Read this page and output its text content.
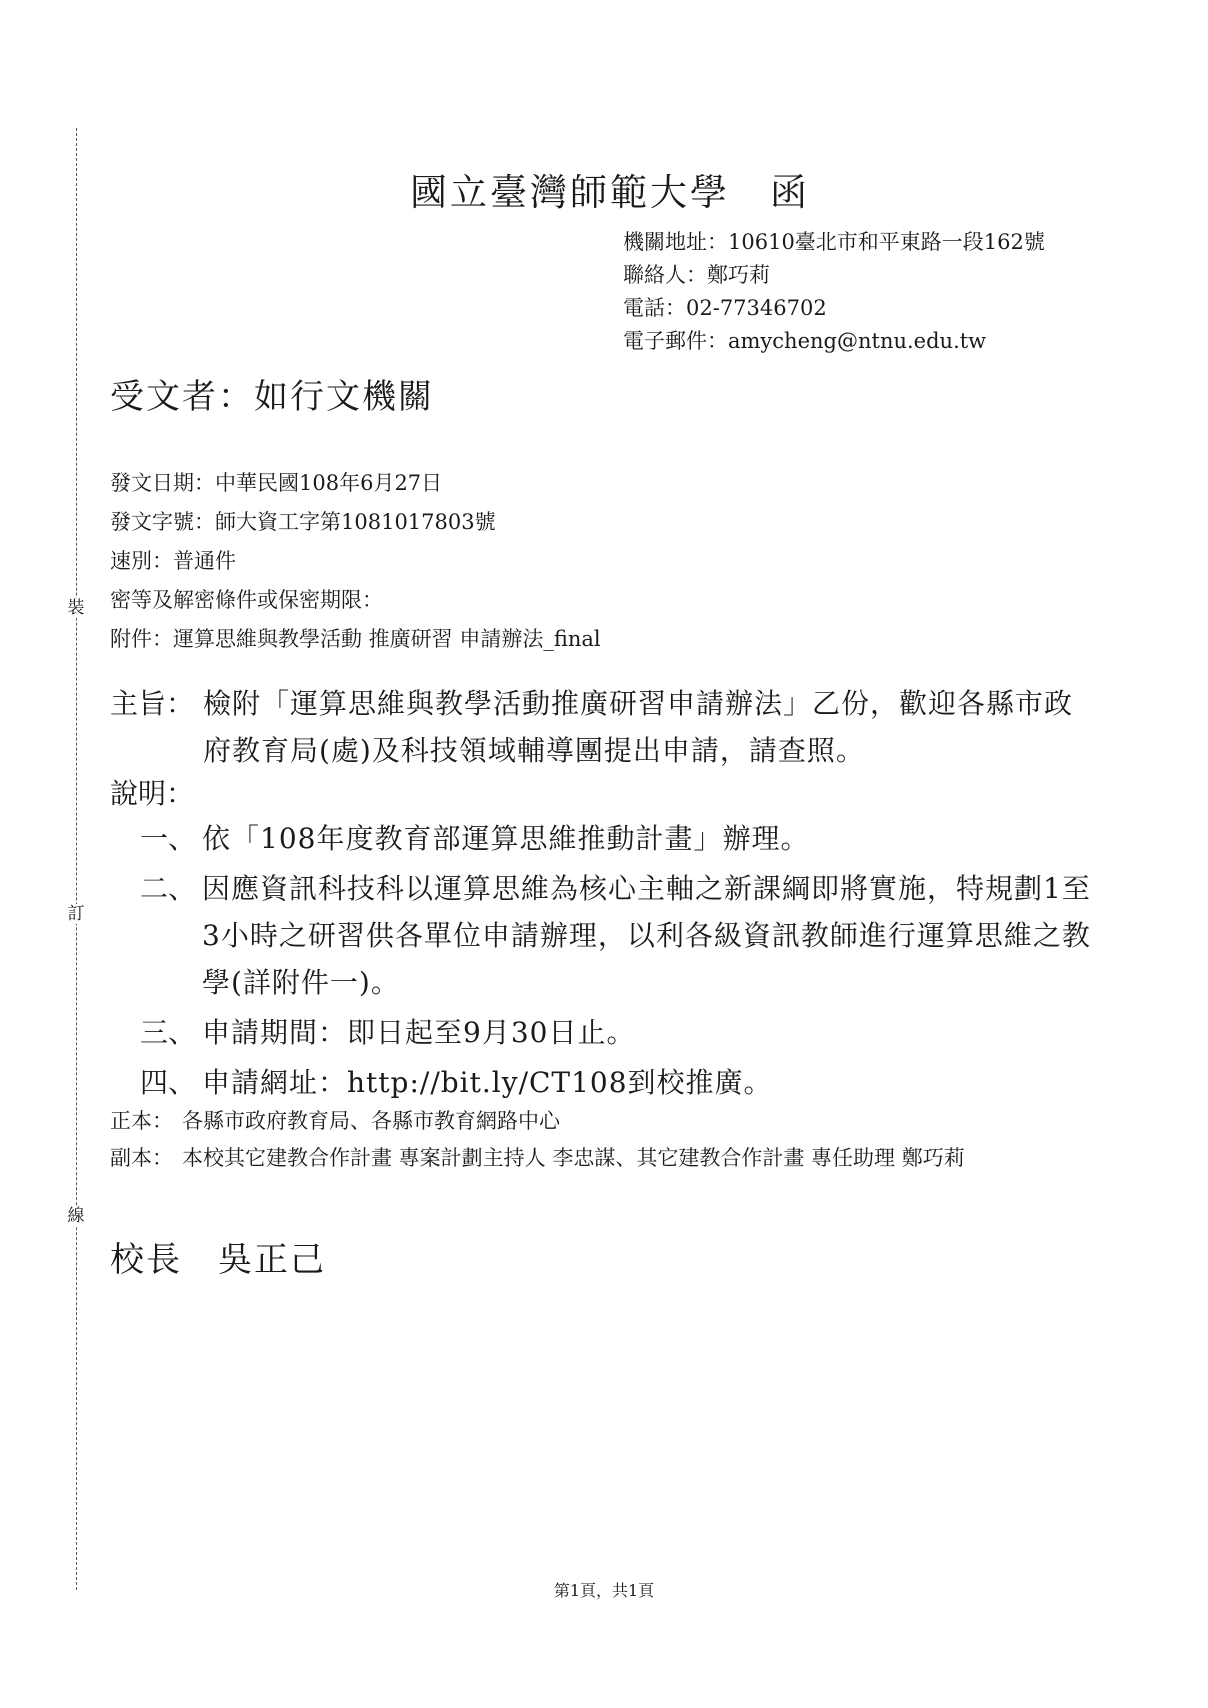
裝
訂
線
國立臺灣師範大學　函
機關地址：10610臺北市和平東路一段162號
聯絡人：鄭巧莉
電話：02-77346702
電子郵件：amycheng@ntnu.edu.tw
受文者：如行文機關
發文日期：中華民國108年6月27日
發文字號：師大資工字第1081017803號
速別：普通件
密等及解密條件或保密期限：
附件：運算思維與教學活動 推廣研習 申請辦法_final
主旨： 檢附「運算思維與教學活動推廣研習申請辦法」乙份，歡迎各縣市政府教育局(處)及科技領域輔導團提出申請，請查照。
說明：
一、 依「108年度教育部運算思維推動計畫」辦理。
二、 因應資訊科技科以運算思維為核心主軸之新課綱即將實施，特規劃1至3小時之研習供各單位申請辦理，以利各級資訊教師進行運算思維之教學(詳附件一)。
三、 申請期間：即日起至9月30日止。
四、 申請網址：http://bit.ly/CT108到校推廣。
正本： 各縣市政府教育局、各縣市教育網路中心
副本： 本校其它建教合作計畫 專案計劃主持人 李忠謀、其它建教合作計畫 專任助理 鄭巧莉
校長　吳正己
第1頁，共1頁
